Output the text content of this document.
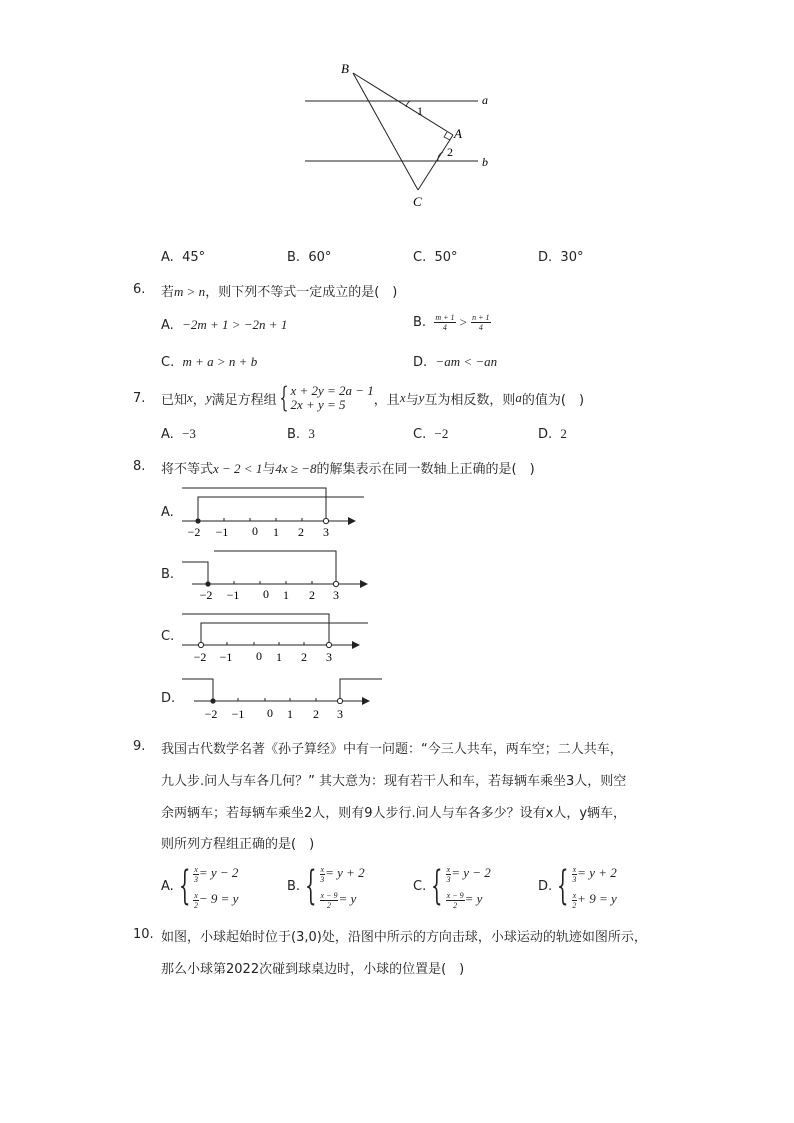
B
A
C
a
b
1
2
A. 45°	B. 60°	C. 50°	D. 30°
6. 若m > n，则下列不等式一定成立的是(　)
A. −2m + 1 > −2n + 1	B. $\frac{m + 1}{4} > \frac{n + 1}{4}$
C. m + a > n + b	D. −am < −an
7. 已知 x ， y 满足方程组 { x + 2y = 2a − 1
2x + y = 5	，且 x 与 y 互为相反数，则 a 的值为(　)
A. −3	B. 3	C. −2	D. 2
8. 将不等式x − 2 < 1与4x ≥ −8的解集表示在同一数轴上正确的是(　)
A.
−2 −1 0 1 2 3
B.
−2 −1 0 1 2 3
C.
−2 −1 0 1 2 3
D.
−2 −1 0 1 2 3
9. 我国古代数学名著《孙子算经》中有一问题：“今三人共车，两车空；二人共车，
九人步.问人与车各几何？” 其大意为：现有若干人和车，若每辆车乘坐3人，则空
余两辆车；若每辆车乘坐2人，则有9人步行.问人与车各多少？设有x人，y辆车，
则所列方程组正确的是(　)
A. { $\frac{x}{3} = y - 2$
$\frac{x}{2} - 9 = y$
B. { $\frac{x}{3} = y + 2$
$\frac{x - 9}{2} = y$
C. { $\frac{x}{3} = y - 2$
$\frac{x - 9}{2} = y$
D. { $\frac{x}{3} = y + 2$
$\frac{x}{2} + 9 = y$
10. 如图，小球起始时位于(3,0)处，沿图中所示的方向击球，小球运动的轨迹如图所示，
那么小球第2022次碰到球桌边时，小球的位置是(　)
